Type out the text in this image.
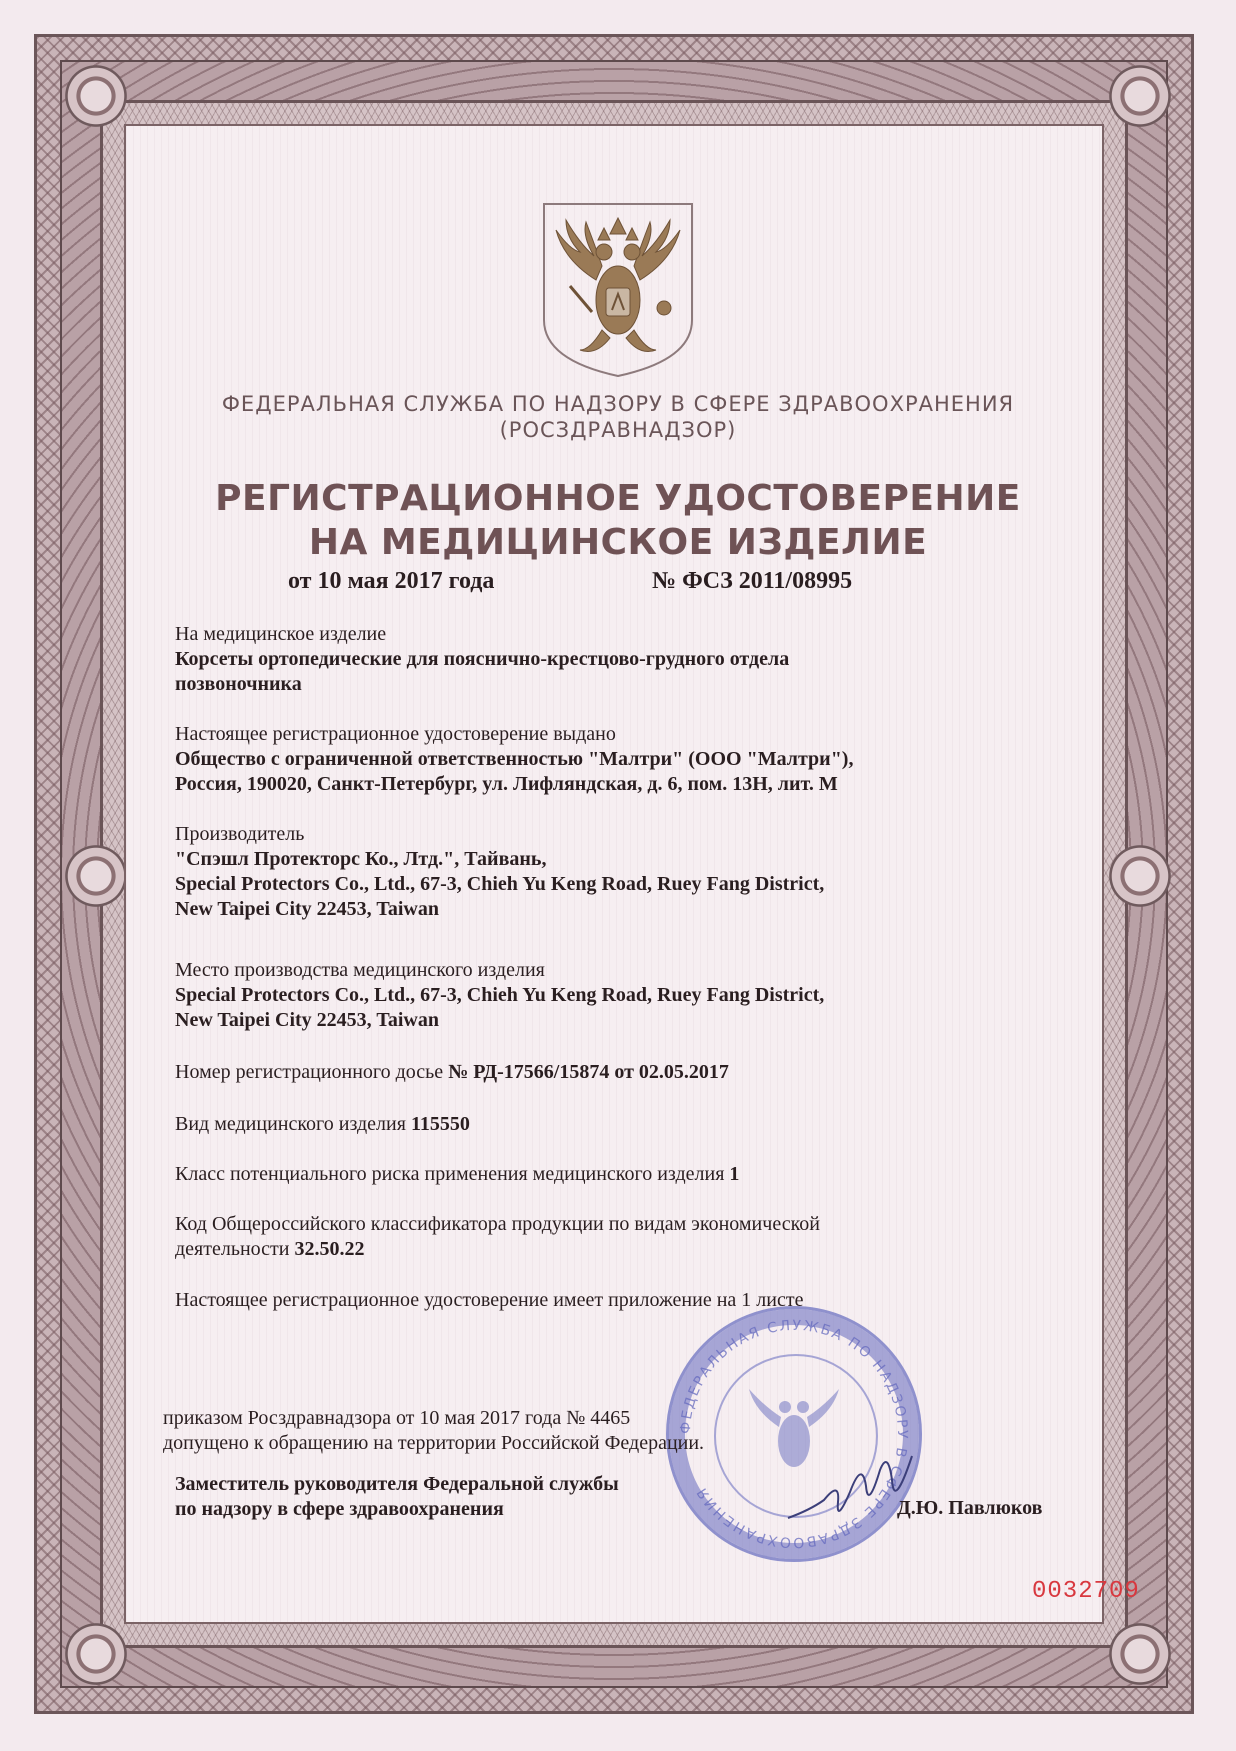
ФЕДЕРАЛЬНАЯ СЛУЖБА ПО НАДЗОРУ В СФЕРЕ ЗДРАВООХРАНЕНИЯ
(РОСЗДРАВНАДЗОР)
РЕГИСТРАЦИОННОЕ УДОСТОВЕРЕНИЕ
НА МЕДИЦИНСКОЕ ИЗДЕЛИЕ
от 10 мая 2017 года	№ ФСЗ 2011/08995
На медицинское изделие
Корсеты ортопедические для пояснично-крестцово-грудного отдела
позвоночника
Настоящее регистрационное удостоверение выдано
Общество с ограниченной ответственностью "Малтри" (ООО "Малтри"),
Россия, 190020, Санкт-Петербург, ул. Лифляндская, д. 6, пом. 13Н, лит. М
Производитель
"Спэшл Протекторс Ко., Лтд.", Тайвань,
Special Protectors Co., Ltd., 67-3, Chieh Yu Keng Road, Ruey Fang District,
New Taipei City 22453, Taiwan
Место производства медицинского изделия
Special Protectors Co., Ltd., 67-3, Chieh Yu Keng Road, Ruey Fang District,
New Taipei City 22453, Taiwan
Номер регистрационного досье № РД-17566/15874 от 02.05.2017
Вид медицинского изделия 115550
Класс потенциального риска применения медицинского изделия 1
Код Общероссийского классификатора продукции по видам экономической
деятельности 32.50.22
Настоящее регистрационное удостоверение имеет приложение на 1 листе
ФЕДЕРАЛЬНАЯ СЛУЖБА ПО НАДЗОРУ В СФЕРЕ ЗДРАВООХРАНЕНИЯ
приказом Росздравнадзора от 10 мая 2017 года № 4465
допущено к обращению на территории Российской Федерации.
Заместитель руководителя Федеральной службы
по надзору в сфере здравоохранения	Д.Ю. Павлюков
0032709
